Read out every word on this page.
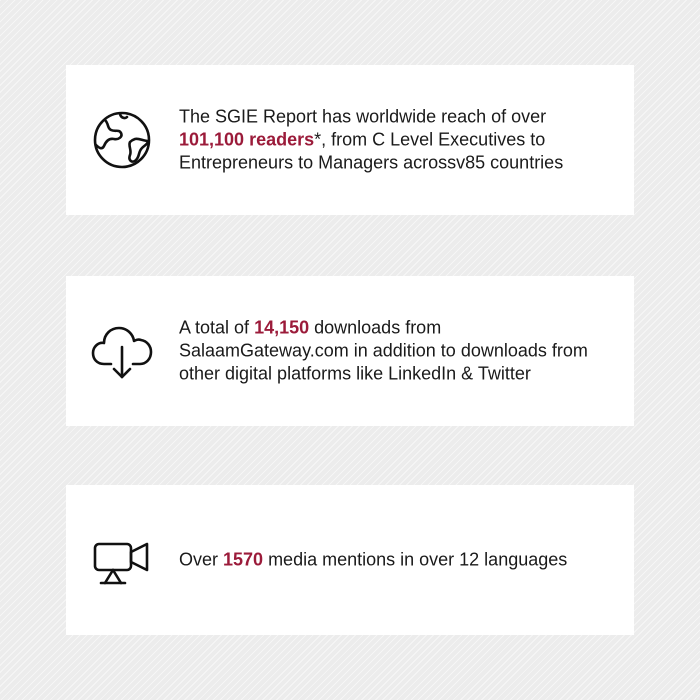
The SGIE Report has worldwide reach of over 101,100 readers*, from C Level Executives to Entrepreneurs to Managers acrossv85 countries
A total of 14,150 downloads from SalaamGateway.com in addition to downloads from other digital platforms like LinkedIn & Twitter
Over 1570 media mentions in over 12 languages
